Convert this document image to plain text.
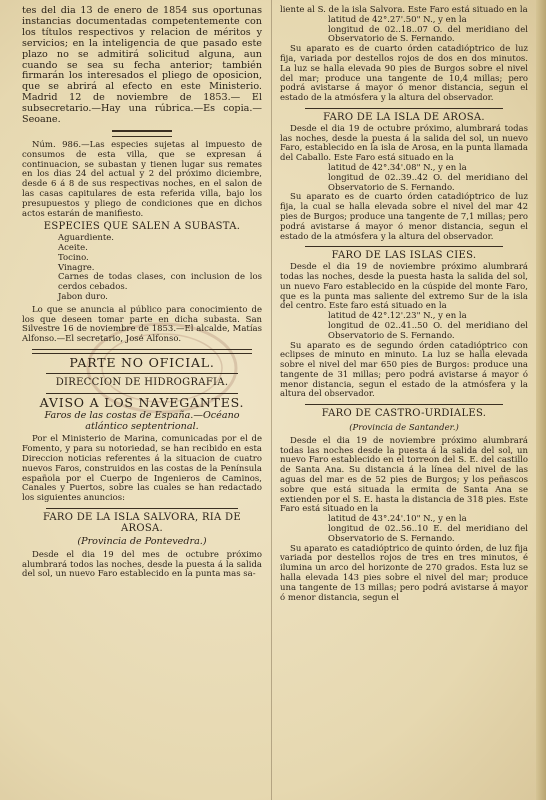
tes del dia 13 de enero de 1854 sus oportunas instancias documentadas competentemente con los títulos respectivos y relacion de méritos y servicios; en la inteligencia de que pasado este plazo no se admitirá solicitud alguna, aun cuando se sea su fecha anterior; también firmarán los interesados el pliego de oposicion, que se abrirá al efecto en este Ministerio. Madrid 12 de noviembre de 1853.— El subsecretario.—Hay una rúbrica.—Es copia.—Seoane.

Núm. 986.—Las especies sujetas al impuesto de consumos de esta villa, que se expresan á continuacion, se subastan y tienen lugar sus remates en los dias 24 del actual y 2 del próximo diciembre, desde 6 á 8 de sus respectivas noches, en el salon de las casas capitulares de esta referida villa, bajo los presupuestos y pliego de condiciones que en dichos actos estarán de manifiesto.

ESPECIES QUE SALEN A SUBASTA.

Aguardiente.

Aceite.

Tocino.

Vinagre.

Carnes de todas clases, con inclusion de los cerdos cebados.

Jabon duro.

Lo que se anuncia al público para conocimiento de los que deseen tomar parte en dicha subasta. San Silvestre 16 de noviembre de 1853.—El alcalde, Matías Alfonso.—El secretario, José Alfonso.

PARTE NO OFICIAL.
DIRECCION DE HIDROGRAFIA.
AVISO A LOS NAVEGANTES.

Faros de las costas de España.—Océano atlántico septentrional.

Por el Ministerio de Marina, comunicadas por el de Fomento, y para su notoriedad, se han recibido en esta Direccion noticias referentes á la situacion de cuatro nuevos Faros, construidos en las costas de la Península española por el Cuerpo de Ingenieros de Caminos, Canales y Puertos, sobre las cuales se han redactado los siguientes anuncios:

FARO DE LA ISLA SALVORA, RIA DE AROSA.

(Provincia de Pontevedra.)

Desde el dia 19 del mes de octubre próximo alumbrará todos las noches, desde la puesta á la salida del sol, un nuevo Faro establecido en la punta mas sa-

liente al S. de la isla Salvora. Este Faro está situado en la

latitud de 42°.27'.50" N., y en la

longitud de 02..18..07 O. del meridiano del Observatorio de S. Fernando.

Su aparato es de cuarto órden catadióptrico de luz fija, variada por destellos rojos de dos en dos minutos. La luz se halla elevada 90 pies de Burgos sobre el nivel del mar; produce una tangente de 10,4 millas; pero podrá avistarse á mayor ó menor distancia, segun el estado de la atmósfera y la altura del observador.

FARO DE LA ISLA DE AROSA.

Desde el dia 19 de octubre próximo, alumbrará todas las noches, desde la puesta á la salida del sol, un nuevo Faro, establecido en la isla de Arosa, en la punta llamada del Caballo. Este Faro está situado en la

latitud de 42°.34'.08" N., y en la

longitud de 02..39..42 O. del meridiano del Observatorio de S. Fernando.

Su aparato es de cuarto órden catadióptrico de luz fija, la cual se halla elevada sobre el nivel del mar 42 pies de Burgos; produce una tangente de 7,1 millas; pero podrá avistarse á mayor ó menor distancia, segun el estado de la atmósfera y la altura del observador.

FARO DE LAS ISLAS CIES.

Desde el dia 19 de noviembre próximo alumbrará todas las noches, desde la puesta hasta la salida del sol, un nuevo Faro establecido en la cúspide del monte Faro, que es la punta mas saliente del extremo Sur de la isla del centro. Este faro está situado en la

latitud de 42°.12'.23" N., y en la

longitud de 02..41..50 O. del meridiano del Observatorio de S. Fernando.

Su aparato es de segundo órden catadióptrico con eclipses de minuto en minuto. La luz se halla elevada sobre el nivel del mar 650 pies de Burgos: produce una tangente de 31 millas; pero podrá avistarse á mayor ó menor distancia, segun el estado de la atmósfera y la altura del observador.

FARO DE CASTRO-URDIALES.

(Provincia de Santander.)

Desde el dia 19 de noviembre próximo alumbrará todas las noches desde la puesta á la salida del sol, un nuevo Faro establecido en el torreon del S. E. del castillo de Santa Ana. Su distancia á la línea del nivel de las aguas del mar es de 52 pies de Burgos; y los peñascos sobre que está situada la ermita de Santa Ana se extienden por el S. E. hasta la distancia de 318 pies. Este Faro está situado en la

latitud de 43°.24'.10" N., y en la

longitud de 02..56..10 E. del meridiano del Observatorio de S. Fernando.

Su aparato es catadióptrico de quinto órden, de luz fija variada por destellos rojos de tres en tres minutos, é ilumina un arco del horizonte de 270 grados. Esta luz se halla elevada 143 pies sobre el nivel del mar; produce una tangente de 13 millas; pero podrá avistarse á mayor ó menor distancia, segun el
